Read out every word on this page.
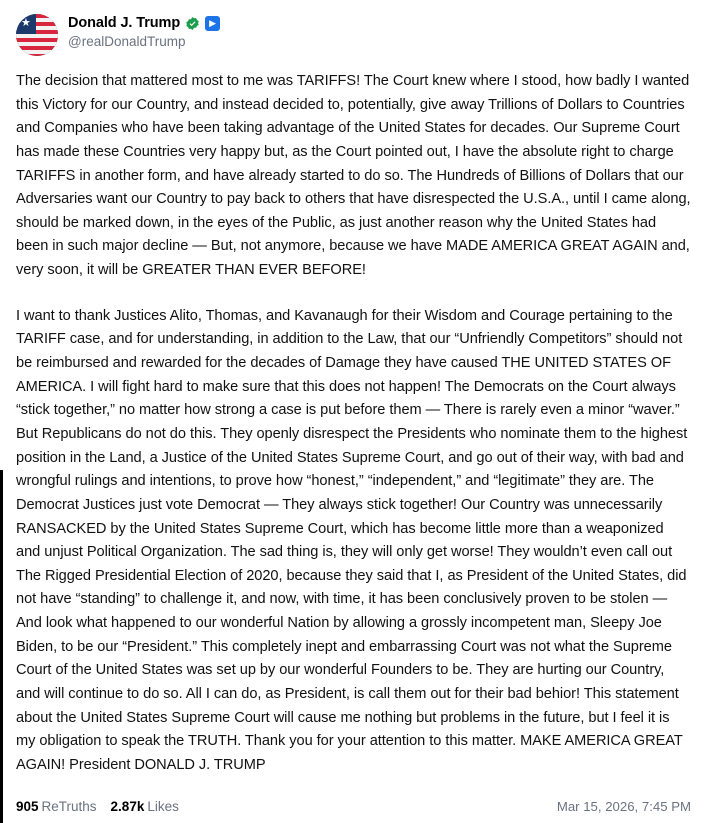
★	Donald J. Trump	▶
@realDonaldTrump

The decision that mattered most to me was TARIFFS! The Court knew where I stood, how badly I wanted this Victory for our Country, and instead decided to, potentially, give away Trillions of Dollars to Countries and Companies who have been taking advantage of the United States for decades. Our Supreme Court has made these Countries very happy but, as the Court pointed out, I have the absolute right to charge TARIFFS in another form, and have already started to do so. The Hundreds of Billions of Dollars that our Adversaries want our Country to pay back to others that have disrespected the U.S.A., until I came along, should be marked down, in the eyes of the Public, as just another reason why the United States had been in such major decline — But, not anymore, because we have MADE AMERICA GREAT AGAIN and, very soon, it will be GREATER THAN EVER BEFORE!

I want to thank Justices Alito, Thomas, and Kavanaugh for their Wisdom and Courage pertaining to the TARIFF case, and for understanding, in addition to the Law, that our “Unfriendly Competitors” should not be reimbursed and rewarded for the decades of Damage they have caused THE UNITED STATES OF AMERICA. I will fight hard to make sure that this does not happen! The Democrats on the Court always “stick together,” no matter how strong a case is put before them — There is rarely even a minor “waver.” But Republicans do not do this. They openly disrespect the Presidents who nominate them to the highest position in the Land, a Justice of the United States Supreme Court, and go out of their way, with bad and wrongful rulings and intentions, to prove how “honest,” “independent,” and “legitimate” they are. The Democrat Justices just vote Democrat — They always stick together! Our Country was unnecessarily RANSACKED by the United States Supreme Court, which has become little more than a weaponized and unjust Political Organization. The sad thing is, they will only get worse! They wouldn’t even call out The Rigged Presidential Election of 2020, because they said that I, as President of the United States, did not have “standing” to challenge it, and now, with time, it has been conclusively proven to be stolen — And look what happened to our wonderful Nation by allowing a grossly incompetent man, Sleepy Joe Biden, to be our “President.” This completely inept and embarrassing Court was not what the Supreme Court of the United States was set up by our wonderful Founders to be. They are hurting our Country, and will continue to do so. All I can do, as President, is call them out for their bad behior! This statement about the United States Supreme Court will cause me nothing but problems in the future, but I feel it is my obligation to speak the TRUTH. Thank you for your attention to this matter. MAKE AMERICA GREAT AGAIN! President DONALD J. TRUMP

905 ReTruths 2.87k Likes	Mar 15, 2026, 7:45 PM
